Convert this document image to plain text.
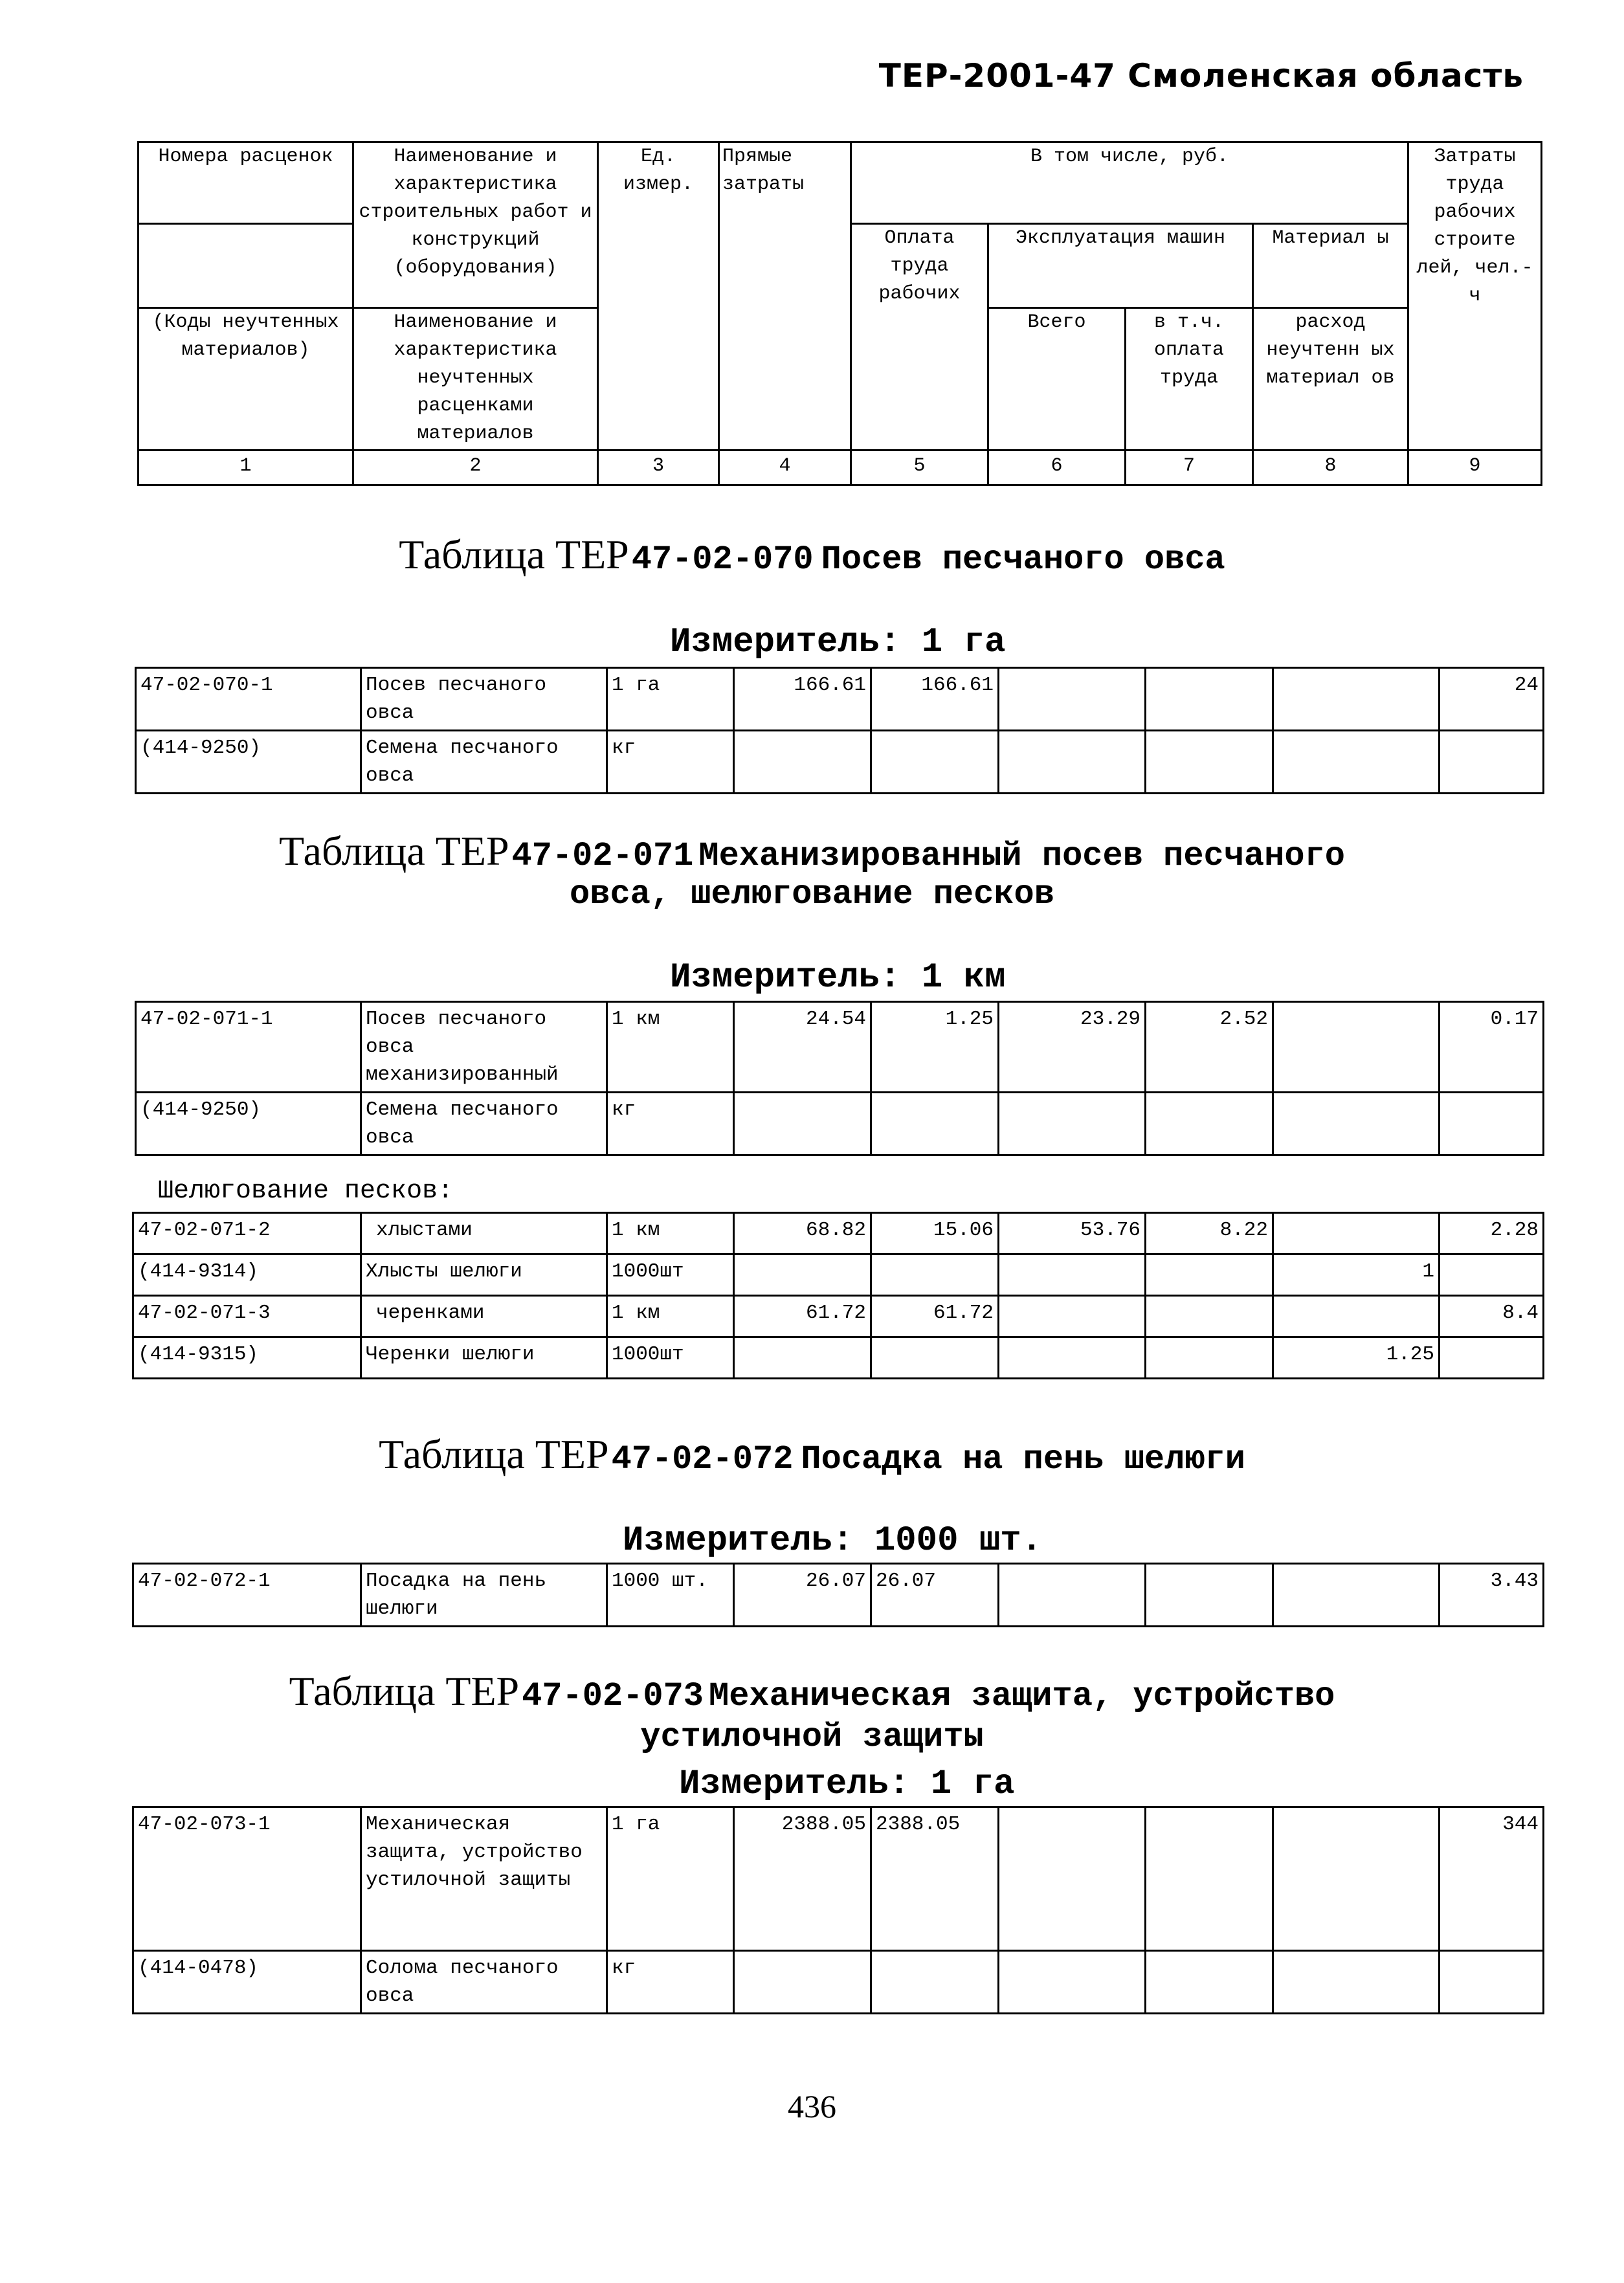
ТЕР-2001-47 Смоленская область
Номера расценок	Наименование и характеристика строительных работ и конструкций (оборудования)	Ед. измер.	Прямые затраты	В том числе, руб.				Затраты труда рабочих строите лей, чел.-ч
				Оплата труда рабочих	Эксплуатация машин		Материал ы	
(Коды неучтенных материалов)	Наименование и характеристика неучтенных расценками материалов				Всего	в т.ч. оплата труда	расход неучтенн ых материал ов	
1	2	3	4	5	6	7	8	9
Таблица ТЕР 47-02-070 Посев песчаного овса
Измеритель: 1 га
47-02-070-1	Посев песчаного овса	1 га	166.61	166.61				24
(414-9250)	Семена песчаного овса	кг						
Таблица ТЕР 47-02-071 Механизированный посев песчаного
овса, шелюгование песков
Измеритель: 1 км
47-02-071-1	Посев песчаного овса механизированный	1 км	24.54	1.25	23.29	2.52		0.17
(414-9250)	Семена песчаного овса	кг						
Шелюгование песков:
47-02-071-2	хлыстами	1 км	68.82	15.06	53.76	8.22		2.28
(414-9314)	Хлысты шелюги	1000шт					1	
47-02-071-3	черенками	1 км	61.72	61.72				8.4
(414-9315)	Черенки шелюги	1000шт					1.25	
Таблица ТЕР 47-02-072 Посадка на пень шелюги
Измеритель: 1000 шт.
47-02-072-1	Посадка на пень шелюги	1000 шт.	26.07	26.07				3.43
Таблица ТЕР 47-02-073 Механическая защита, устройство
устилочной защиты
Измеритель: 1 га
47-02-073-1	Механическая защита, устройство устилочной защиты	1 га	2388.05	2388.05				344
(414-0478)	Солома песчаного овса	кг						
436
